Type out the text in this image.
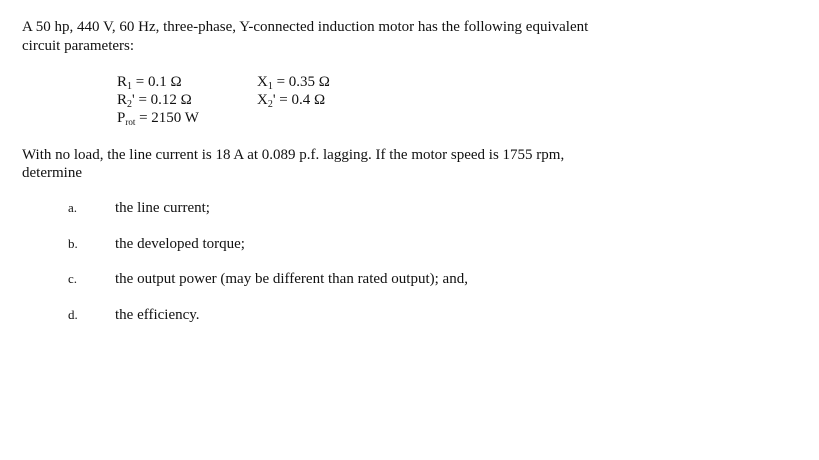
A 50 hp, 440 V, 60 Hz, three-phase, Y-connected induction motor has the following equivalent
circuit parameters:

$R_1 = 0.1$ Ω
$R_2' = 0.12$ Ω
$P_{rot} = 2150$ W
$X_1 = 0.35$ Ω
$X_2' = 0.4$ Ω

With no load, the line current is 18 A at 0.089 p.f. lagging. If the motor speed is 1755 rpm,
determine

a.	the line current;
b. the developed torque;
c.	the output power (may be different than rated output); and,
d. the efficiency.
